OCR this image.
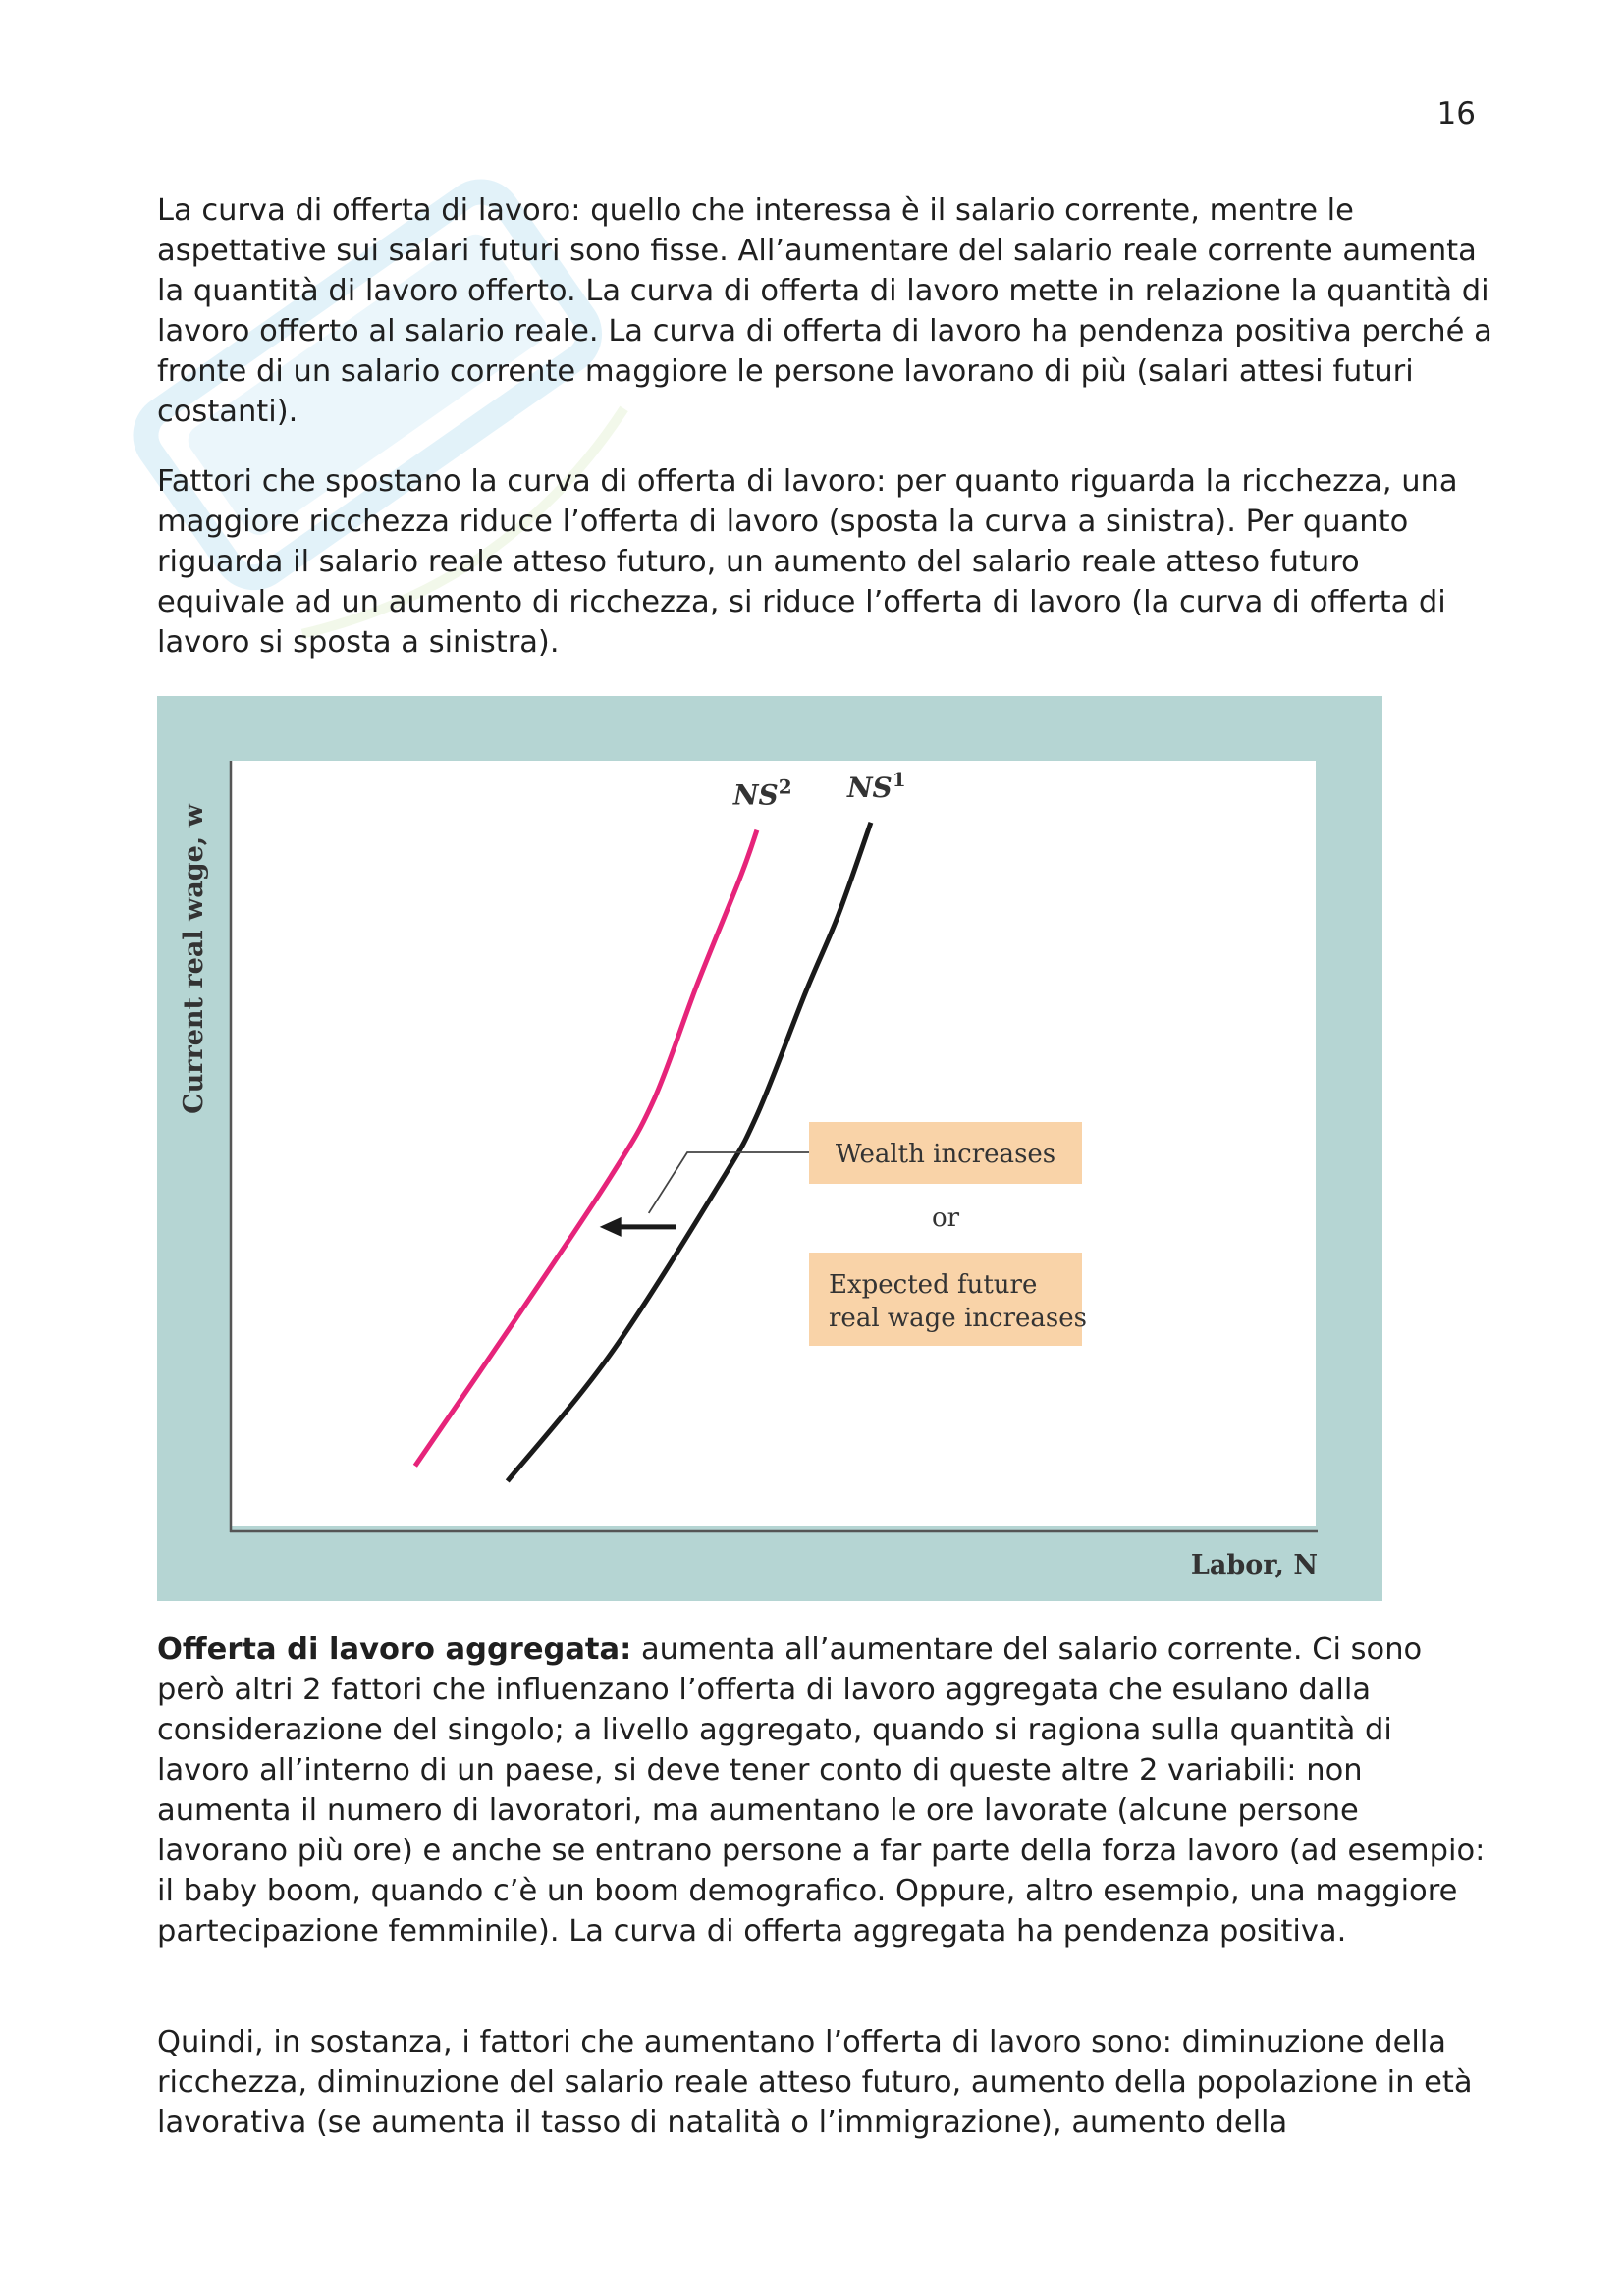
16

La curva di offerta di lavoro: quello che interessa è il salario corrente, mentre le aspettative sui salari futuri sono fisse. All’aumentare del salario reale corrente aumenta la quantità di lavoro offerto. La curva di offerta di lavoro mette in relazione la quantità di lavoro offerto al salario reale. La curva di offerta di lavoro ha pendenza positiva perché a fronte di un salario corrente maggiore le persone lavorano di più (salari attesi futuri costanti).

Fattori che spostano la curva di offerta di lavoro: per quanto riguarda la ricchezza, una maggiore ricchezza riduce l’offerta di lavoro (sposta la curva a sinistra). Per quanto riguarda il salario reale atteso futuro, un aumento del salario reale atteso futuro equivale ad un aumento di ricchezza, si riduce l’offerta di lavoro (la curva di offerta di lavoro si sposta a sinistra).

Current real wage, w
Labor, N
$NS^1$
$NS^2$
Wealth increases
or
Expected future
real wage increases

Offerta di lavoro aggregata: aumenta all’aumentare del salario corrente. Ci sono però altri 2 fattori che influenzano l’offerta di lavoro aggregata che esulano dalla considerazione del singolo; a livello aggregato, quando si ragiona sulla quantità di lavoro all’interno di un paese, si deve tener conto di queste altre 2 variabili: non aumenta il numero di lavoratori, ma aumentano le ore lavorate (alcune persone lavorano più ore) e anche se entrano persone a far parte della forza lavoro (ad esempio: il baby boom, quando c’è un boom demografico. Oppure, altro esempio, una maggiore partecipazione femminile). La curva di offerta aggregata ha pendenza positiva.

Quindi, in sostanza, i fattori che aumentano l’offerta di lavoro sono: diminuzione della ricchezza, diminuzione del salario reale atteso futuro, aumento della popolazione in età lavorativa (se aumenta il tasso di natalità o l’immigrazione), aumento della
